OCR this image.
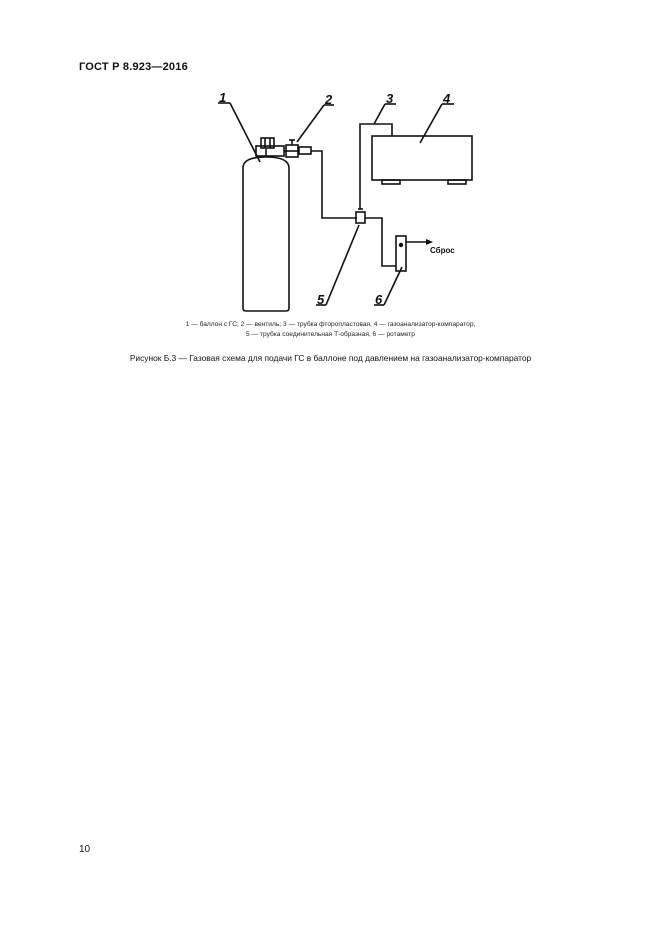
ГОСТ Р 8.923—2016
1	2	3	4
5	6
Сброс
1 — баллон с ГС; 2 — вентиль; 3 — трубка фторопластовая, 4 — газоанализатор-компаратор,
5 — трубка соединительная Т-образная, 6 — ротаметр
Рисунок Б.3 — Газовая схема для подачи ГС в баллоне под давлением на газоанализатор-компаратор
10
